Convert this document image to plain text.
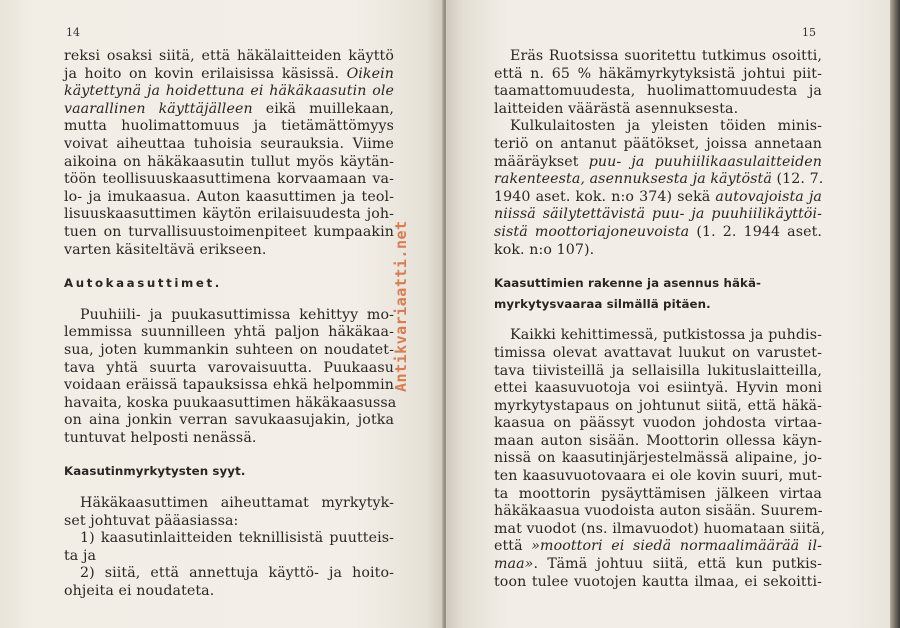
14
reksi osaksi siitä, että häkälaitteiden käyttö
ja hoito on kovin erilaisissa käsissä. Oikein
käytettynä ja hoidettuna ei häkäkaasutin ole
vaarallinen käyttäjälleen eikä muillekaan,
mutta huolimattomuus ja tietämättömyys
voivat aiheuttaa tuhoisia seurauksia. Viime
aikoina on häkäkaasutin tullut myös käytän-
töön teollisuuskaasuttimena korvaamaan va-
lo- ja imukaasua. Auton kaasuttimen ja teol-
lisuuskaasuttimen käytön erilaisuudesta joh-
tuen on turvallisuustoimenpiteet kumpaakin
varten käsiteltävä erikseen.
Autokaasuttimet.
Puuhiili- ja puukasuttimissa kehittyy mo-
lemmissa suunnilleen yhtä paljon häkäkaa-
sua, joten kummankin suhteen on noudatet-
tava yhtä suurta varovaisuutta. Puukaasu
voidaan eräissä tapauksissa ehkä helpommin
havaita, koska puukaasuttimen häkäkaasussa
on aina jonkin verran savukaasujakin, jotka
tuntuvat helposti nenässä.
Kaasutinmyrkytysten syyt.
Häkäkaasuttimen aiheuttamat myrkytyk-
set johtuvat pääasiassa:
1) kaasutinlaitteiden teknillisistä puutteis-
ta ja
2) siitä, että annettuja käyttö- ja hoito-
ohjeita ei noudateta.
Antikvariaatti.net
15
Eräs Ruotsissa suoritettu tutkimus osoitti,
että n. 65 % häkämyrkytyksistä johtui piit-
taamattomuudesta, huolimattomuudesta ja
laitteiden väärästä asennuksesta.
Kulkulaitosten ja yleisten töiden minis-
teriö on antanut päätökset, joissa annetaan
määräykset puu- ja puuhiilikaasulaitteiden
rakenteesta, asennuksesta ja käytöstä (12. 7.
1940 aset. kok. n:o 374) sekä autovajoista ja
niissä säilytettävistä puu- ja puuhiilikäyttöi-
sistä moottoriajoneuvoista (1. 2. 1944 aset.
kok. n:o 107).
Kaasuttimien rakenne ja asennus häkä-
myrkytysvaaraa silmällä pitäen.
Kaikki kehittimessä, putkistossa ja puhdis-
timissa olevat avattavat luukut on varustet-
tava tiivisteillä ja sellaisilla lukituslaitteilla,
ettei kaasuvuotoja voi esiintyä. Hyvin moni
myrkytystapaus on johtunut siitä, että häkä-
kaasua on päässyt vuodon johdosta virtaa-
maan auton sisään. Moottorin ollessa käyn-
nissä on kaasutinjärjestelmässä alipaine, jo-
ten kaasuvuotovaara ei ole kovin suuri, mut-
ta moottorin pysäyttämisen jälkeen virtaa
häkäkaasua vuodoista auton sisään. Suurem-
mat vuodot (ns. ilmavuodot) huomataan siitä,
että »moottori ei siedä normaalimäärää il-
maa». Tämä johtuu siitä, että kun putkis-
toon tulee vuotojen kautta ilmaa, ei sekoitti-
